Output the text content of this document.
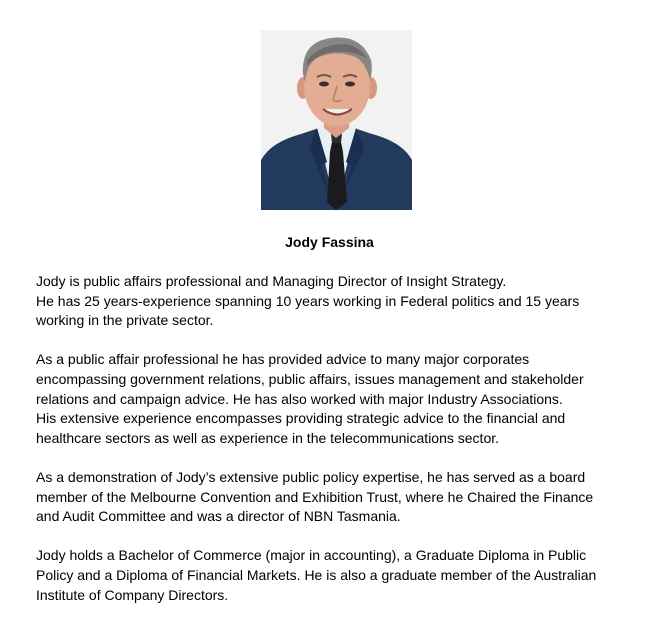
Jody Fassina

Jody is public affairs professional and Managing Director of Insight Strategy.
He has 25 years-experience spanning 10 years working in Federal politics and 15 years
working in the private sector.

As a public affair professional he has provided advice to many major corporates
encompassing government relations, public affairs, issues management and stakeholder
relations and campaign advice. He has also worked with major Industry Associations.
His extensive experience encompasses providing strategic advice to the financial and
healthcare sectors as well as experience in the telecommunications sector.

As a demonstration of Jody’s extensive public policy expertise, he has served as a board
member of the Melbourne Convention and Exhibition Trust, where he Chaired the Finance
and Audit Committee and was a director of NBN Tasmania.

Jody holds a Bachelor of Commerce (major in accounting), a Graduate Diploma in Public
Policy and a Diploma of Financial Markets. He is also a graduate member of the Australian
Institute of Company Directors.
